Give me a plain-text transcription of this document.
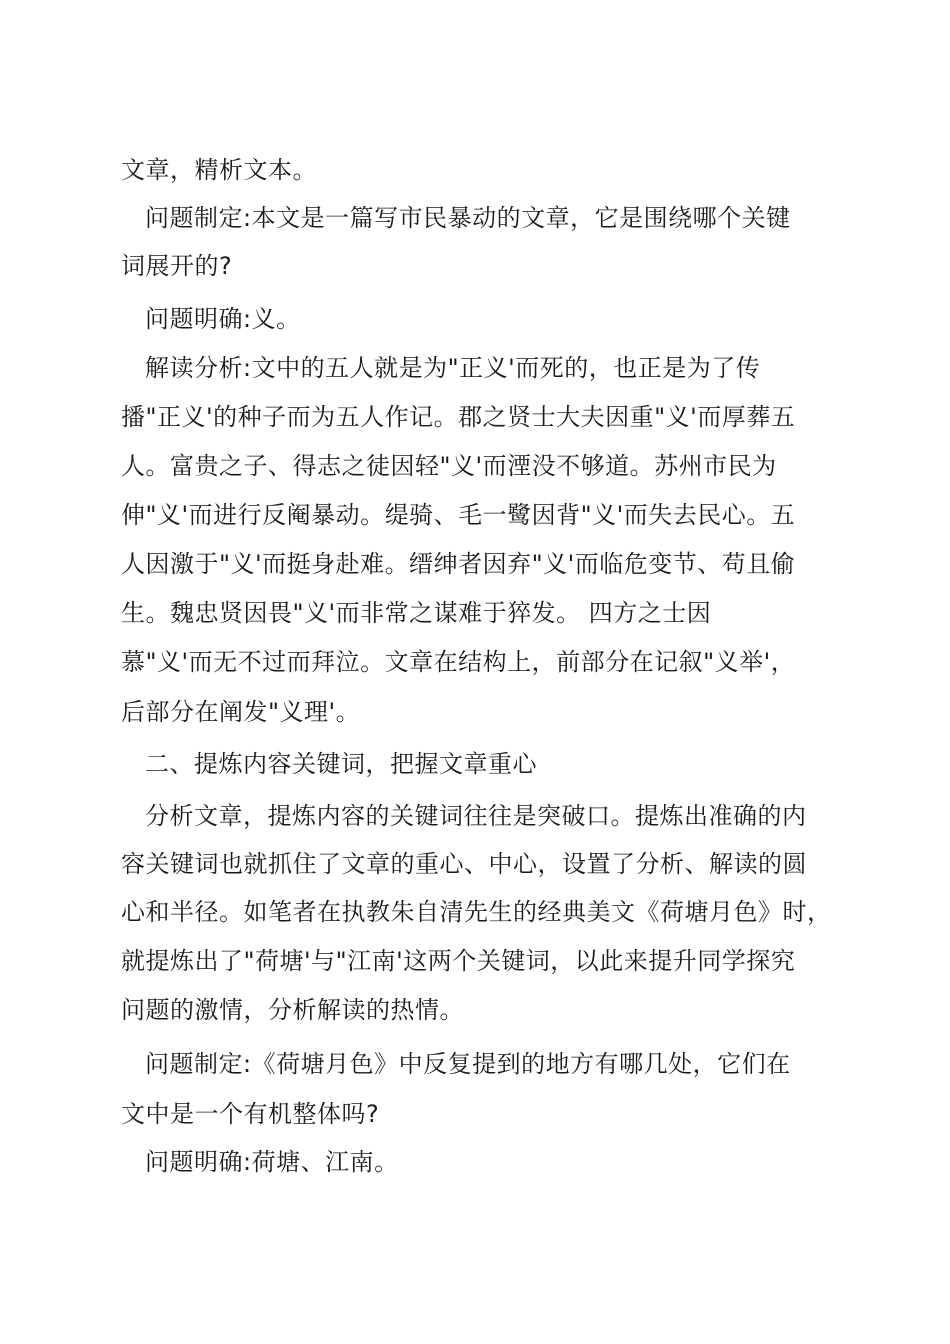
文章，精析文本。
问题制定:本文是一篇写市民暴动的文章，它是围绕哪个关键
词展开的?
问题明确:义。
解读分析:文中的五人就是为"正义'而死的，也正是为了传
播"正义'的种子而为五人作记。郡之贤士大夫因重"义'而厚葬五
人。富贵之子、得志之徒因轻"义'而湮没不够道。苏州市民为
伸"义'而进行反阉暴动。缇骑、毛一鹭因背"义'而失去民心。五
人因激于"义'而挺身赴难。缙绅者因弃"义'而临危变节、苟且偷
生。魏忠贤因畏"义'而非常之谋难于猝发。 四方之士因
慕"义'而无不过而拜泣。文章在结构上，前部分在记叙"义举'，
后部分在阐发"义理'。
二、提炼内容关键词，把握文章重心
分析文章，提炼内容的关键词往往是突破口。提炼出准确的内
容关键词也就抓住了文章的重心、中心，设置了分析、解读的圆
心和半径。如笔者在执教朱自清先生的经典美文《荷塘月色》时，
就提炼出了"荷塘'与"江南'这两个关键词，以此来提升同学探究
问题的激情，分析解读的热情。
问题制定:《荷塘月色》中反复提到的地方有哪几处，它们在
文中是一个有机整体吗?
问题明确:荷塘、江南。
